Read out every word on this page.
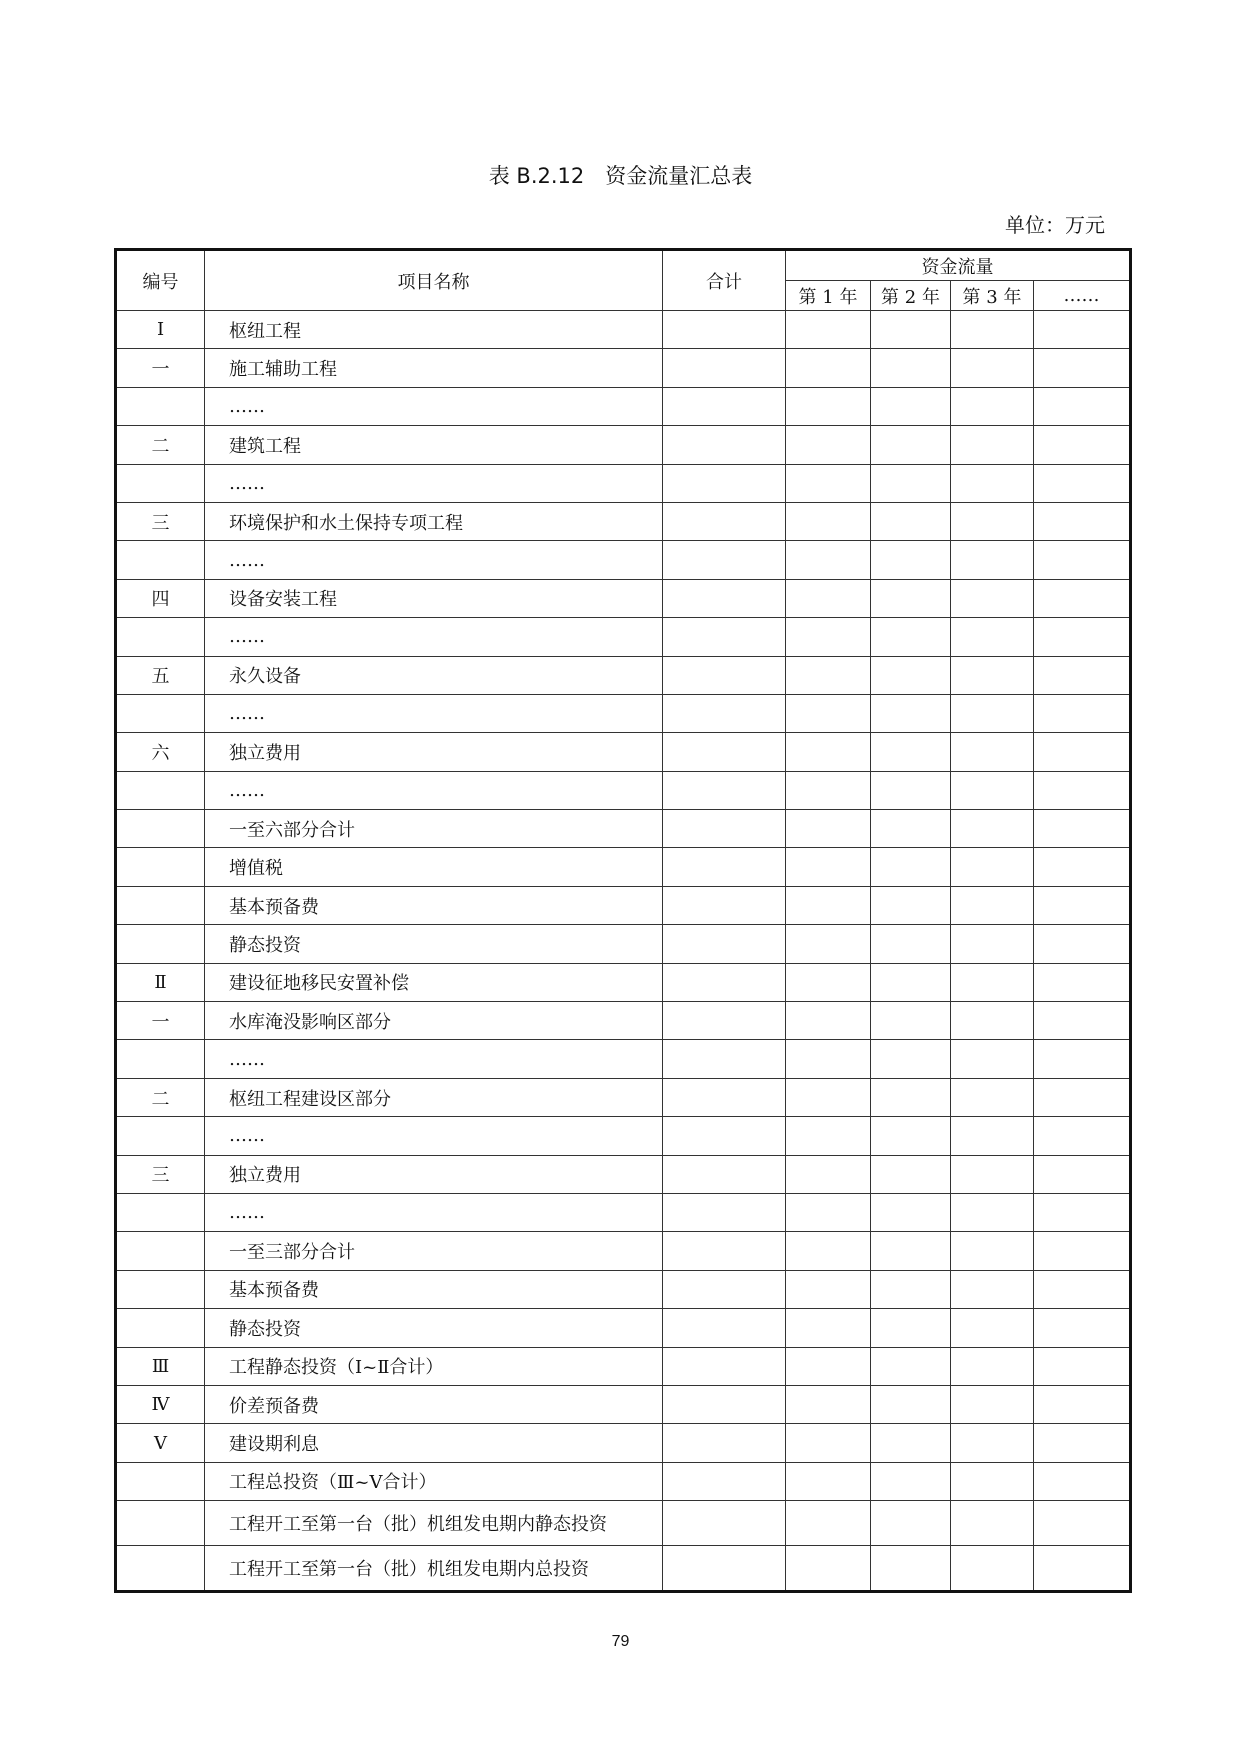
表 B.2.12　资金流量汇总表
单位：万元
编号	项目名称	合计	资金流量			
			第 1 年	第 2 年	第 3 年	……
Ⅰ	枢纽工程					
一	施工辅助工程					
	……					
二	建筑工程					
	……					
三	环境保护和水土保持专项工程					
	……					
四	设备安装工程					
	……					
五	永久设备					
	……					
六	独立费用					
	……					
	一至六部分合计					
	增值税					
	基本预备费					
	静态投资					
Ⅱ	建设征地移民安置补偿					
一	水库淹没影响区部分					
	……					
二	枢纽工程建设区部分					
	……					
三	独立费用					
	……					
	一至三部分合计					
	基本预备费					
	静态投资					
Ⅲ	工程静态投资（Ⅰ~Ⅱ合计）					
Ⅳ	价差预备费					
Ⅴ	建设期利息					
	工程总投资（Ⅲ~Ⅴ合计）					
	工程开工至第一台（批）机组发电期内静态投资					
	工程开工至第一台（批）机组发电期内总投资					
79
